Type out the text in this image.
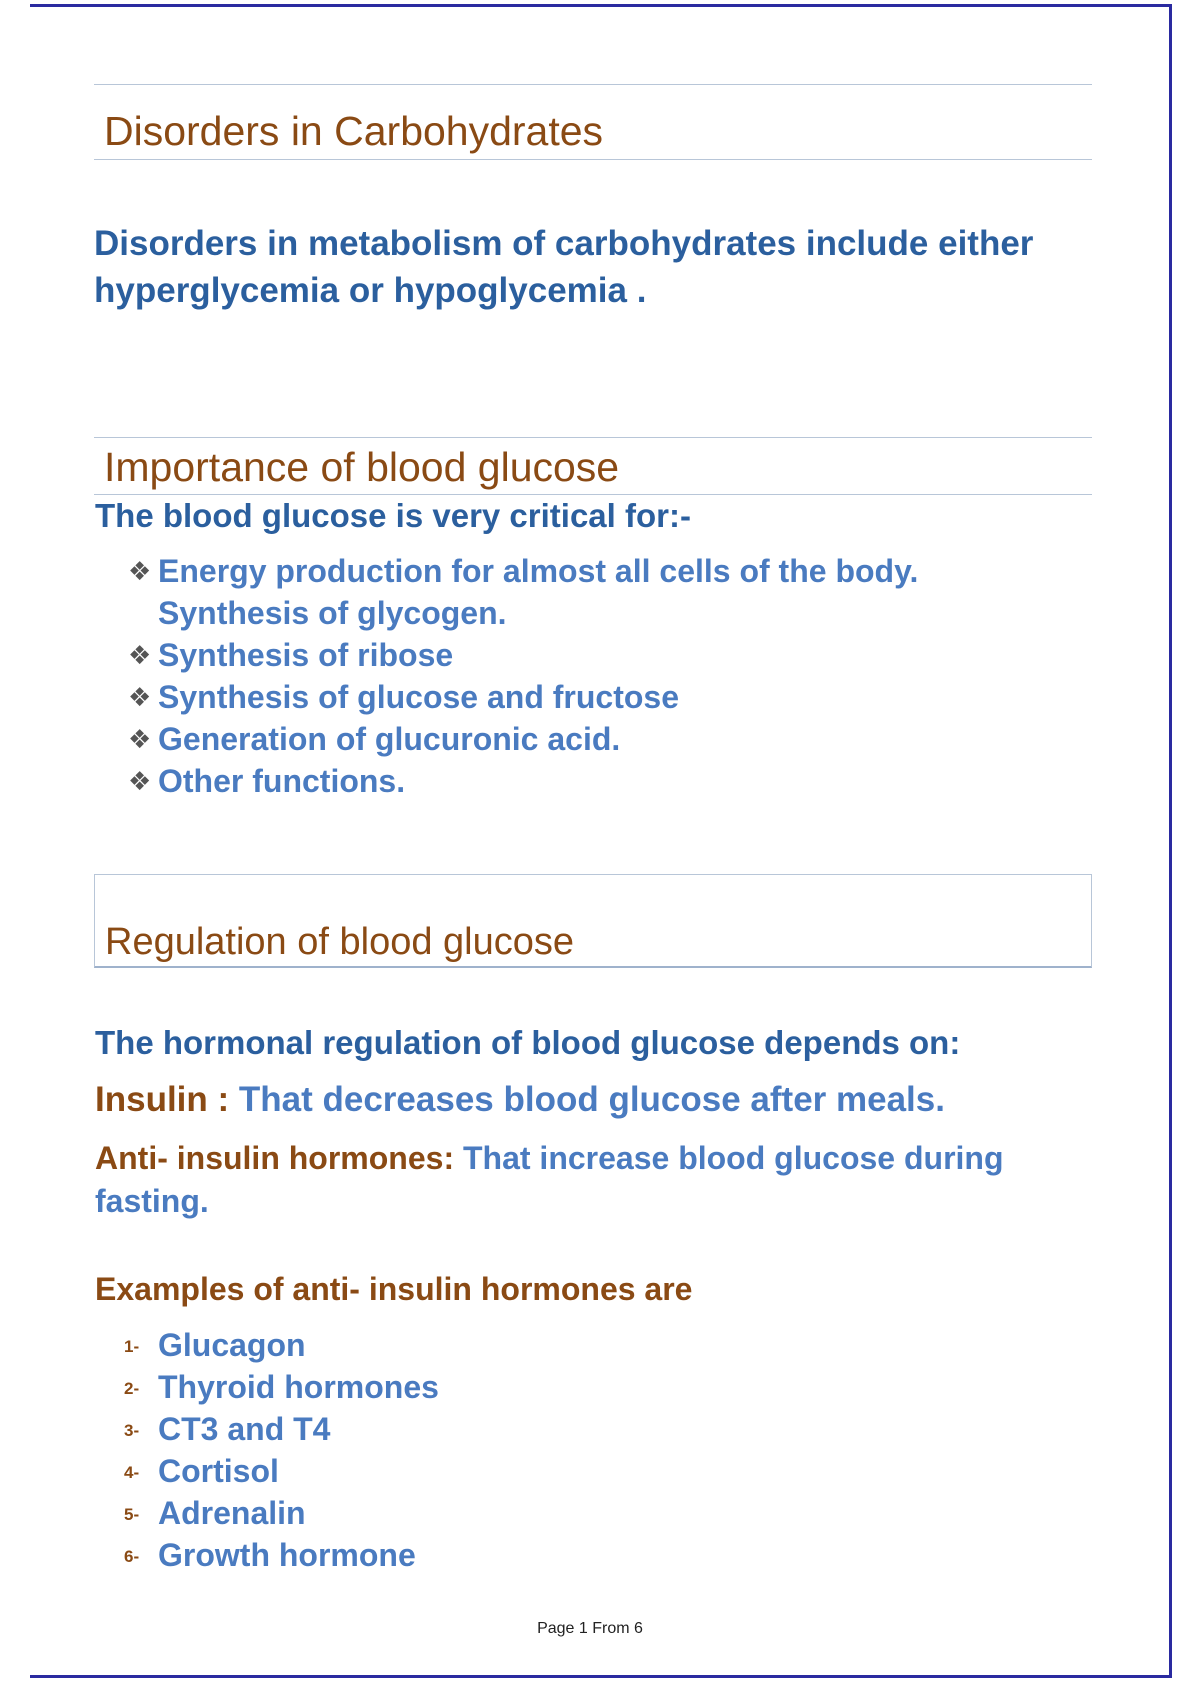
Disorders in Carbohydrates
Disorders in metabolism of carbohydrates include either hyperglycemia or hypoglycemia .
Importance of blood glucose
The blood glucose is very critical for:-
❖ Energy production for almost all cells of the body.
Synthesis of glycogen.
❖ Synthesis of ribose
❖ Synthesis of glucose and fructose
❖ Generation of glucuronic acid.
❖ Other functions.
Regulation of blood glucose
The hormonal regulation of blood glucose depends on:
Insulin : That decreases blood glucose after meals.
Anti- insulin hormones: That increase blood glucose during fasting.
Examples of anti- insulin hormones are
1- Glucagon
2- Thyroid hormones
3- CT3 and T4
4- Cortisol
5- Adrenalin
6- Growth hormone
Page 1 From 6
